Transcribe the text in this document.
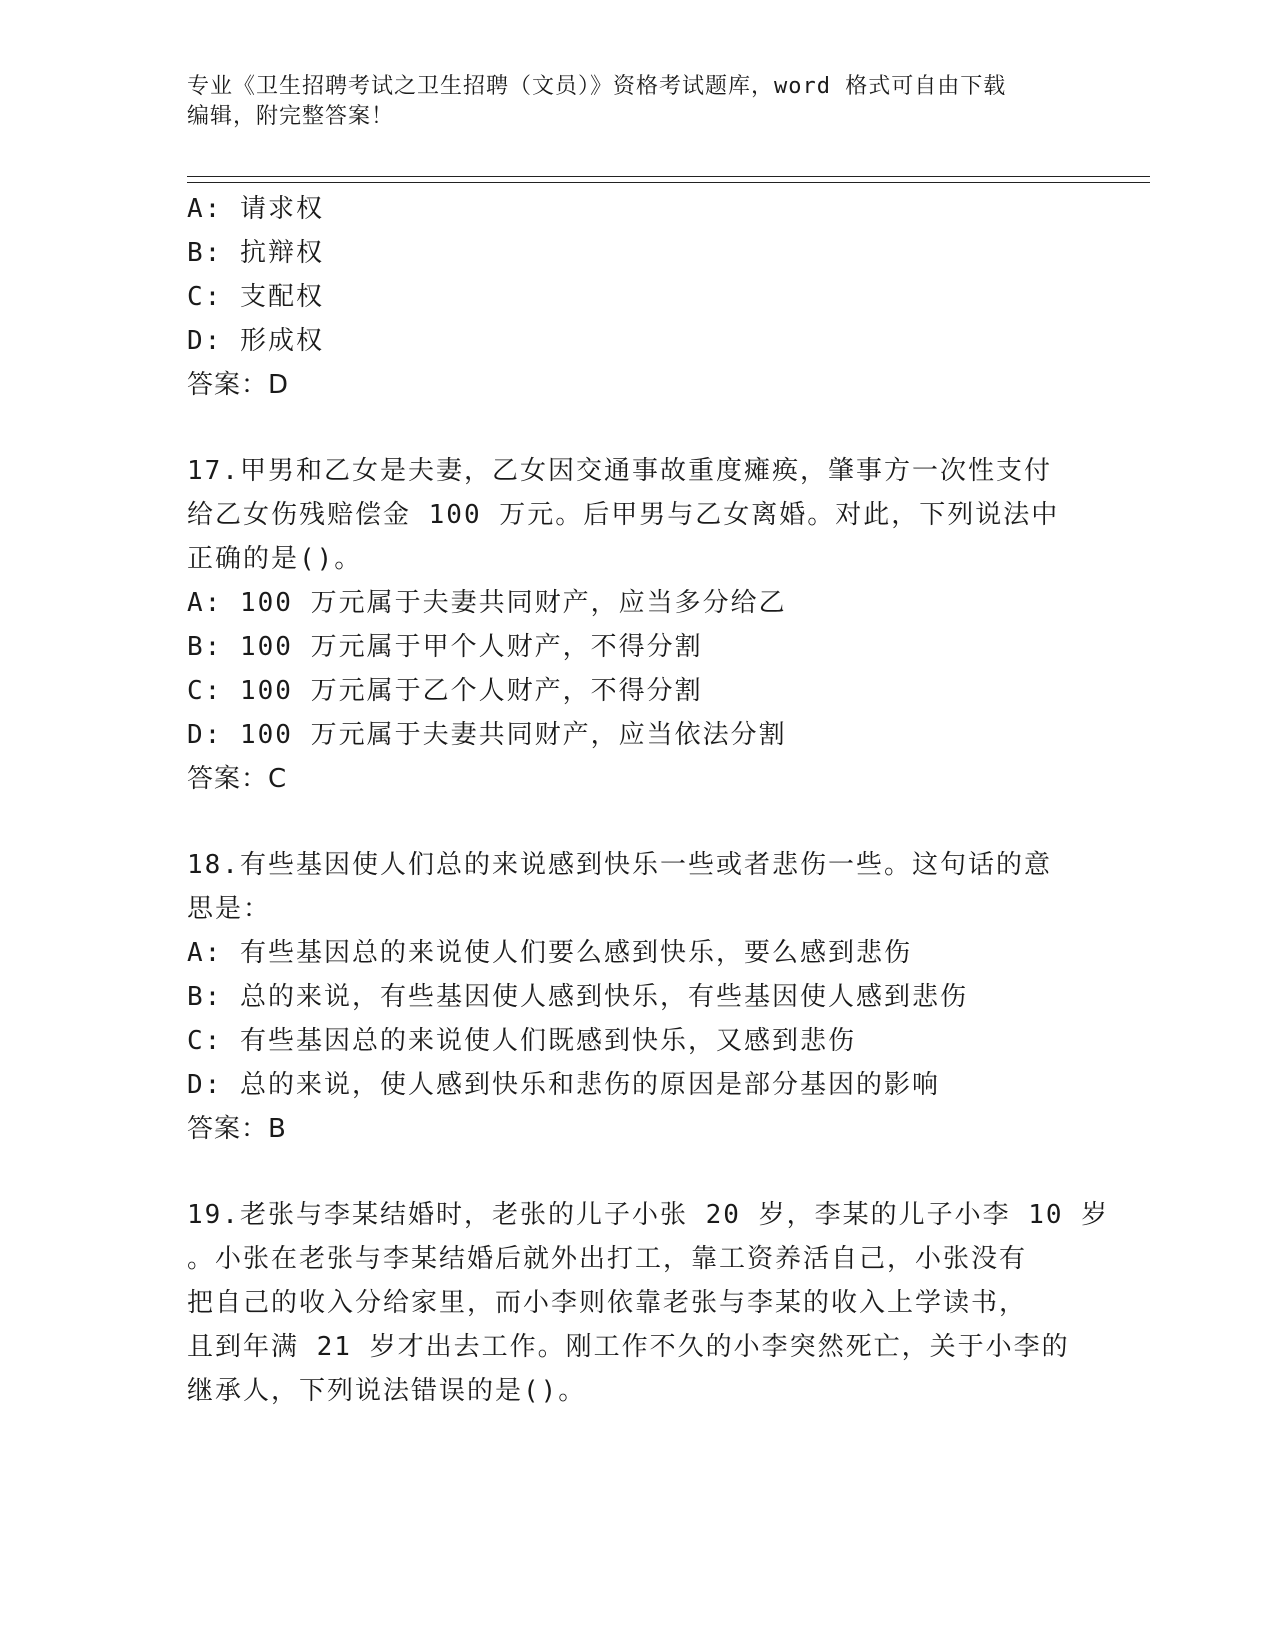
专业《卫生招聘考试之卫生招聘（文员）》资格考试题库，word 格式可自由下载
编辑，附完整答案！
A: 请求权
B: 抗辩权
C: 支配权
D: 形成权
答案：D
17.甲男和乙女是夫妻，乙女因交通事故重度瘫痪，肇事方一次性支付
给乙女伤残赔偿金 100 万元。后甲男与乙女离婚。对此，下列说法中
正确的是()。
A: 100 万元属于夫妻共同财产，应当多分给乙
B: 100 万元属于甲个人财产，不得分割
C: 100 万元属于乙个人财产，不得分割
D: 100 万元属于夫妻共同财产，应当依法分割
答案：C
18.有些基因使人们总的来说感到快乐一些或者悲伤一些。这句话的意
思是：
A: 有些基因总的来说使人们要么感到快乐，要么感到悲伤
B: 总的来说，有些基因使人感到快乐，有些基因使人感到悲伤
C: 有些基因总的来说使人们既感到快乐，又感到悲伤
D: 总的来说，使人感到快乐和悲伤的原因是部分基因的影响
答案：B
19.老张与李某结婚时，老张的儿子小张 20 岁，李某的儿子小李 10 岁
。小张在老张与李某结婚后就外出打工，靠工资养活自己，小张没有
把自己的收入分给家里，而小李则依靠老张与李某的收入上学读书，
且到年满 21 岁才出去工作。刚工作不久的小李突然死亡，关于小李的
继承人，下列说法错误的是()。
